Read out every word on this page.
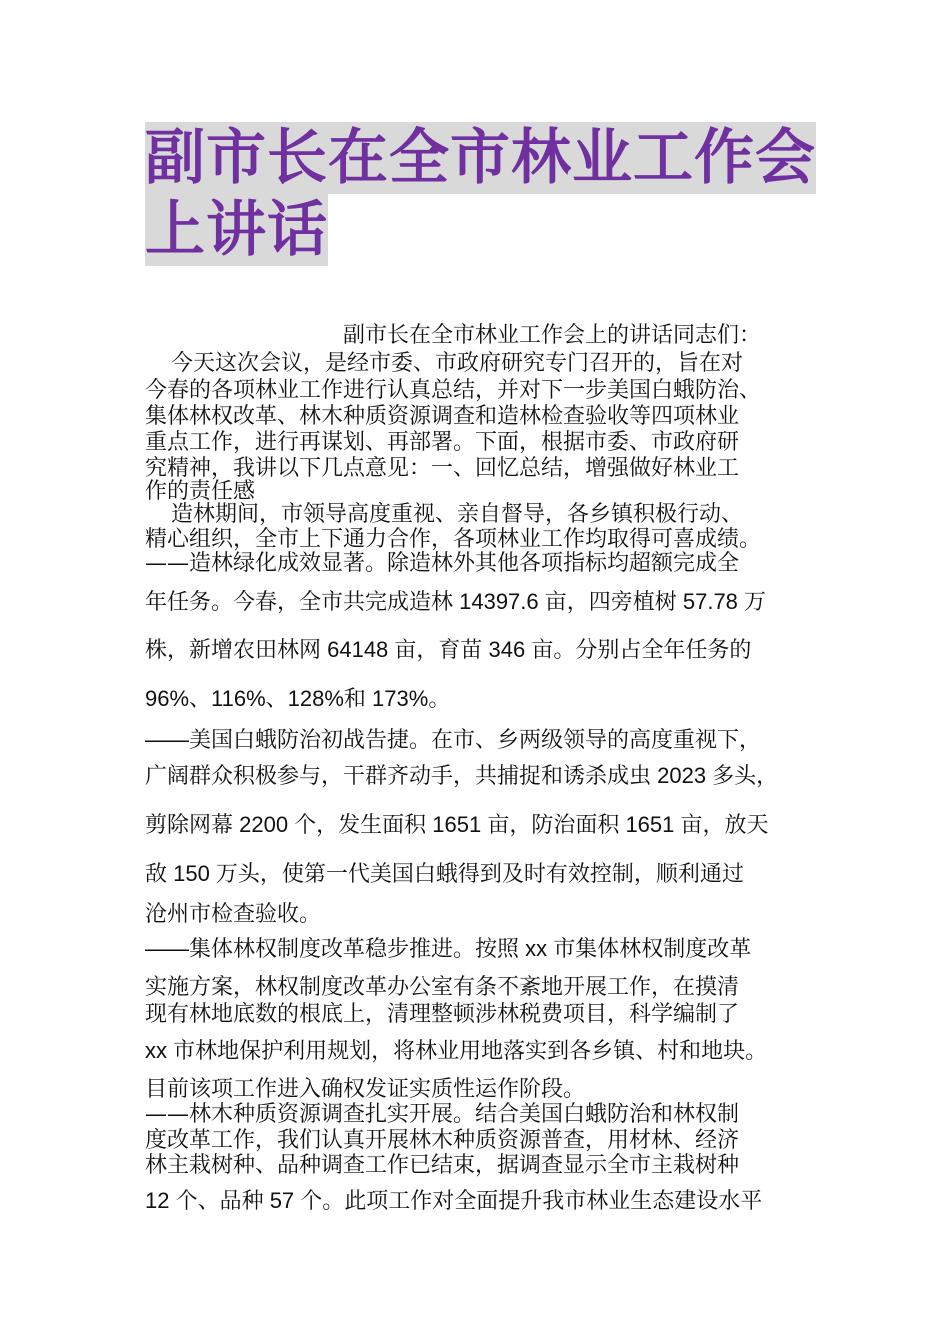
副市长在全市林业工作会
上讲话
副市长在全市林业工作会上的讲话同志们：
今天这次会议，是经市委、市政府研究专门召开的，旨在对
今春的各项林业工作进行认真总结，并对下一步美国白蛾防治、
集体林权改革、林木种质资源调查和造林检查验收等四项林业
重点工作，进行再谋划、再部署。下面，根据市委、市政府研
究精神，我讲以下几点意见：一、回忆总结，增强做好林业工
作的责任感
造林期间，市领导高度重视、亲自督导，各乡镇积极行动、
精心组织，全市上下通力合作，各项林业工作均取得可喜成绩。
——造林绿化成效显著。除造林外其他各项指标均超额完成全
年任务。今春，全市共完成造林 14397.6 亩，四旁植树 57.78 万
株，新增农田林网 64148 亩，育苗 346 亩。分别占全年任务的
96%、116%、128%和 173%。
——美国白蛾防治初战告捷。在市、乡两级领导的高度重视下，
广阔群众积极参与，干群齐动手，共捕捉和诱杀成虫 2023 多头，
剪除网幕 2200 个，发生面积 1651 亩，防治面积 1651 亩，放天
敌 150 万头，使第一代美国白蛾得到及时有效控制，顺利通过
沧州市检查验收。
——集体林权制度改革稳步推进。按照 xx 市集体林权制度改革
实施方案，林权制度改革办公室有条不紊地开展工作，在摸清
现有林地底数的根底上，清理整顿涉林税费项目，科学编制了
xx 市林地保护利用规划，将林业用地落实到各乡镇、村和地块。
目前该项工作进入确权发证实质性运作阶段。
——林木种质资源调查扎实开展。结合美国白蛾防治和林权制
度改革工作，我们认真开展林木种质资源普查，用材林、经济
林主栽树种、品种调查工作已结束，据调查显示全市主栽树种
12 个、品种 57 个。此项工作对全面提升我市林业生态建设水平
